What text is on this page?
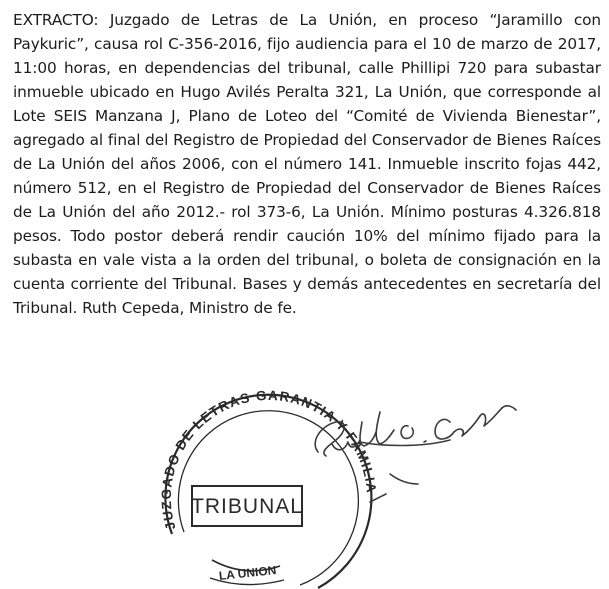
EXTRACTO: Juzgado de Letras de La Unión, en proceso “Jaramillo con Paykuric”, causa rol C-356-2016, fijo audiencia para el 10 de marzo de 2017, 11:00 horas, en dependencias del tribunal, calle Phillipi 720 para subastar inmueble ubicado en Hugo Avilés Peralta 321, La Unión, que corresponde al Lote SEIS Manzana J, Plano de Loteo del “Comité de Vivienda Bienestar”, agregado al final del Registro de Propiedad del Conservador de Bienes Raíces de La Unión del años 2006, con el número 141. Inmueble inscrito fojas 442, número 512, en el Registro de Propiedad del Conservador de Bienes Raíces de La Unión del año 2012.- rol 373-6, La Unión. Mínimo posturas 4.326.818 pesos. Todo postor deberá rendir caución 10% del mínimo fijado para la subasta en vale vista a la orden del tribunal, o boleta de consignación en la cuenta corriente del Tribunal. Bases y demás antecedentes en secretaría del Tribunal. Ruth Cepeda, Ministro de fe.

JUZGADO DE LETRAS GARANTIA Y FAMILIA
TRIBUNAL
LA UNION
